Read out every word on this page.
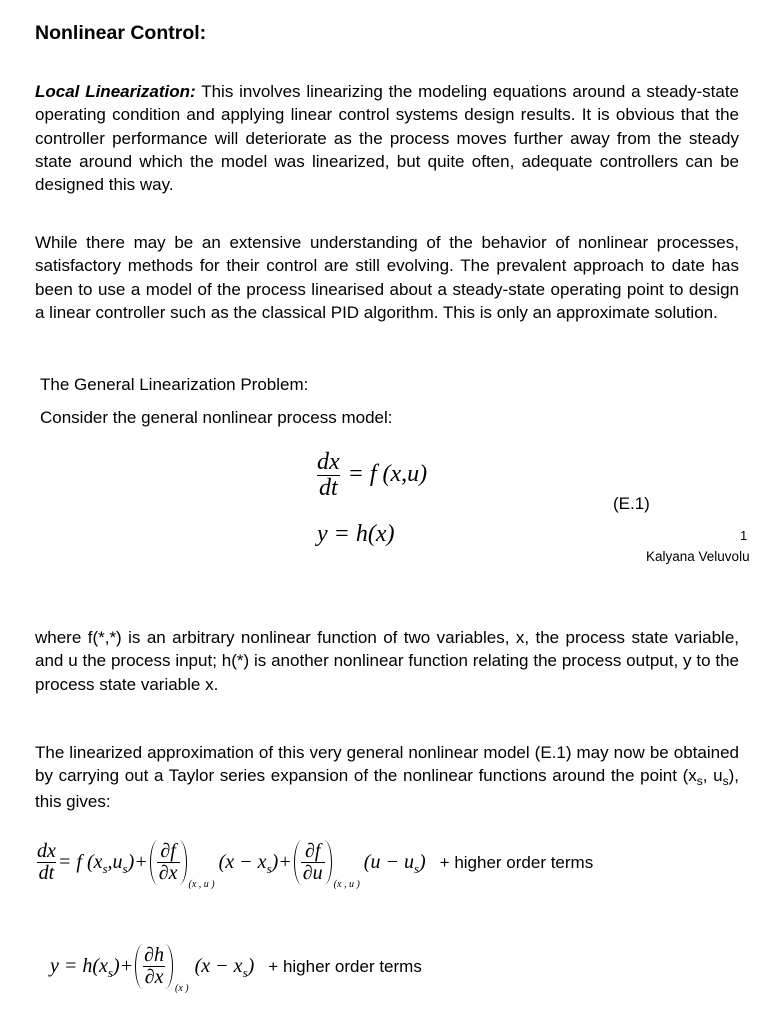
Nonlinear Control:
Local Linearization: This involves linearizing the modeling equations around a steady-state operating condition and applying linear control systems design results. It is obvious that the controller performance will deteriorate as the process moves further away from the steady state around which the model was linearized, but quite often, adequate controllers can be designed this way.
While there may be an extensive understanding of the behavior of nonlinear processes, satisfactory methods for their control are still evolving. The prevalent approach to date has been to use a model of the process linearised about a steady-state operating point to design a linear controller such as the classical PID algorithm. This is only an approximate solution.
The General Linearization Problem:
Consider the general nonlinear process model:
$\frac{dx}{dt} = f$ (x,u)
y = h(x)
(E.1)
1
Kalyana Veluvolu
where f(*,*) is an arbitrary nonlinear function of two variables, x, the process state variable, and u the process input; h(*) is another nonlinear function relating the process output, y to the process state variable x.
The linearized approximation of this very general nonlinear model (E.1) may now be obtained by carrying out a Taylor series expansion of the nonlinear functions around the point ($x_s$, $u_s$), this gives:
$\frac{dx}{dt} = f$ (x s ,u s )+ $\frac{\partial f}{\partial x}$
(x , u )
(x − x s )+ $\frac{\partial f}{\partial u}$
(x , u )
(u − u s ) + higher order terms
y = h(x s )+ $\frac{\partial h}{\partial x}$
(x )
(x − x s ) + higher order terms
